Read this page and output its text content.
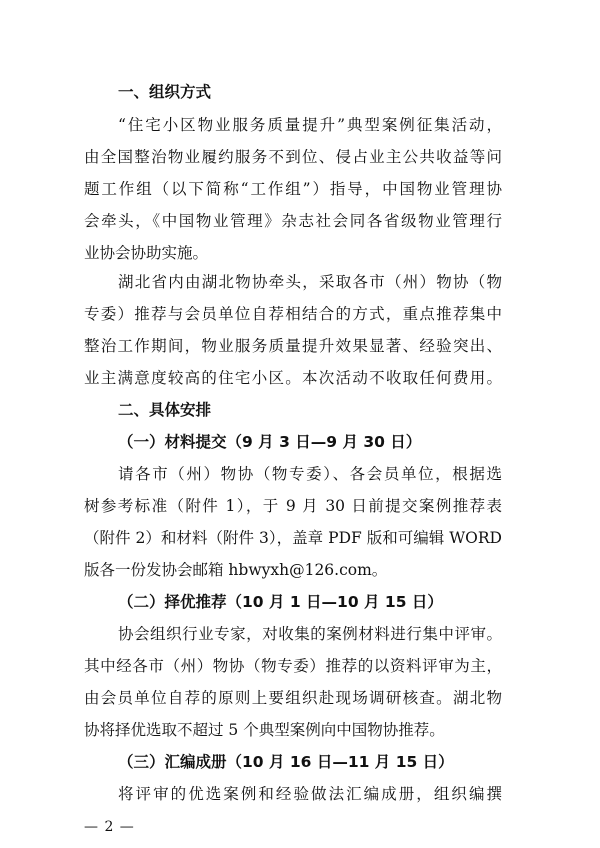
一、组织方式
“住宅小区物业服务质量提升”典型案例征集活动，
由全国整治物业履约服务不到位、侵占业主公共收益等问
题工作组（以下简称“工作组”）指导，中国物业管理协
会牵头，《中国物业管理》杂志社会同各省级物业管理行
业协会协助实施。
湖北省内由湖北物协牵头，采取各市（州）物协（物
专委）推荐与会员单位自荐相结合的方式，重点推荐集中
整治工作期间，物业服务质量提升效果显著、经验突出、
业主满意度较高的住宅小区。本次活动不收取任何费用。
二、具体安排
（一）材料提交（9 月 3 日—9 月 30 日）
请各市（州）物协（物专委）、各会员单位，根据选
树参考标准（附件 1），于 9 月 30 日前提交案例推荐表
（附件 2）和材料（附件 3），盖章 PDF 版和可编辑 WORD
版各一份发协会邮箱 hbwyxh@126.com。
（二）择优推荐（10 月 1 日—10 月 15 日）
协会组织行业专家，对收集的案例材料进行集中评审。
其中经各市（州）物协（物专委）推荐的以资料评审为主，
由会员单位自荐的原则上要组织赴现场调研核查。湖北物
协将择优选取不超过 5 个典型案例向中国物协推荐。
（三）汇编成册（10 月 16 日—11 月 15 日）
将评审的优选案例和经验做法汇编成册，组织编撰
— 2 —
